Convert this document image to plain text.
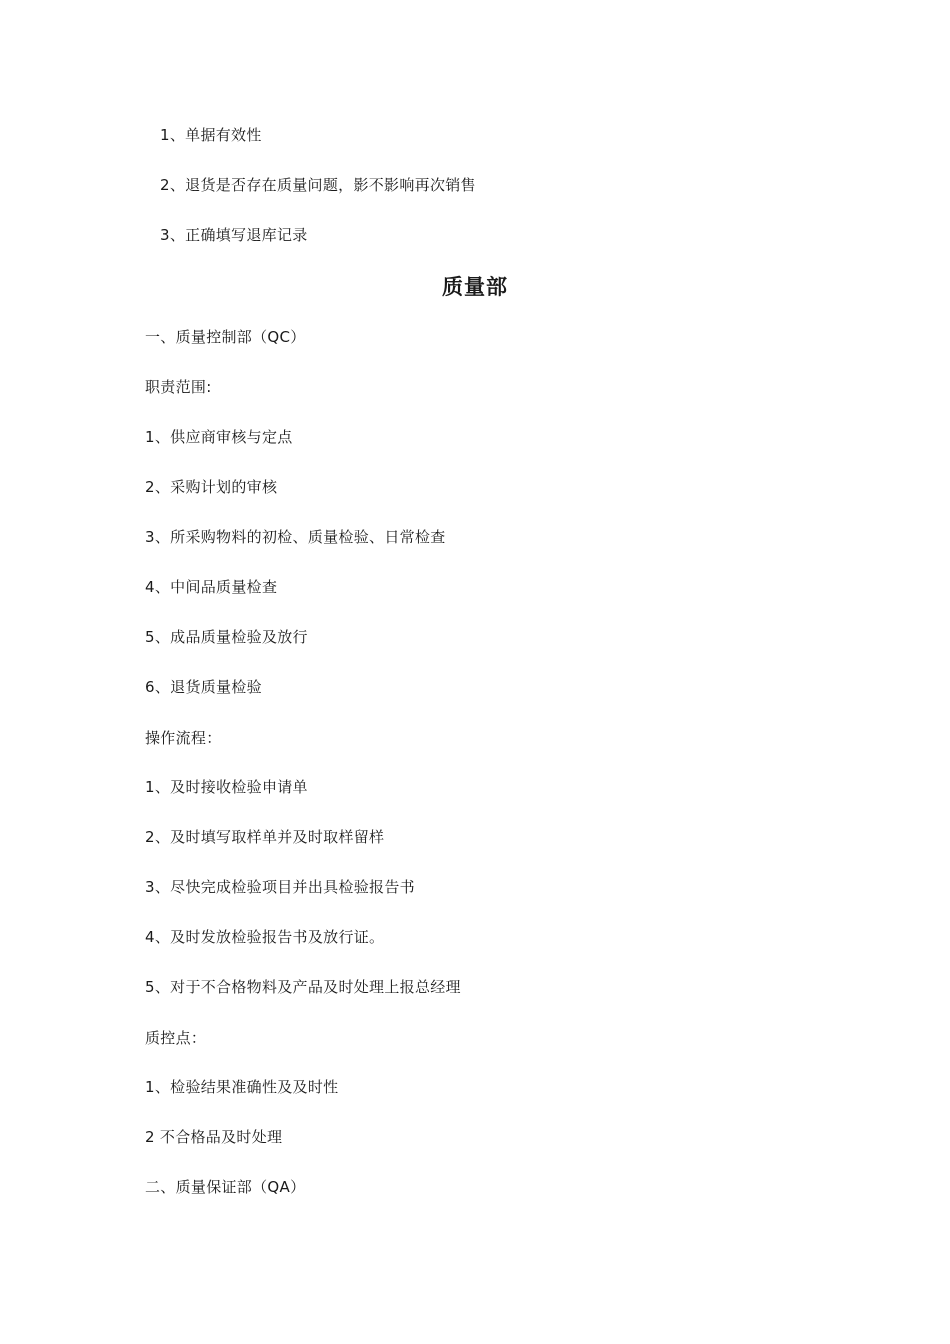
1、单据有效性
2、退货是否存在质量问题，影不影响再次销售
3、正确填写退库记录
质量部
一、质量控制部（QC）
职责范围:
1、供应商审核与定点
2、采购计划的审核
3、所采购物料的初检、质量检验、日常检查
4、中间品质量检查
5、成品质量检验及放行
6、退货质量检验
操作流程：
1、及时接收检验申请单
2、及时填写取样单并及时取样留样
3、尽快完成检验项目并出具检验报告书
4、及时发放检验报告书及放行证。
5、对于不合格物料及产品及时处理上报总经理
质控点：
1、检验结果准确性及及时性
2 不合格品及时处理
二、质量保证部（QA）
